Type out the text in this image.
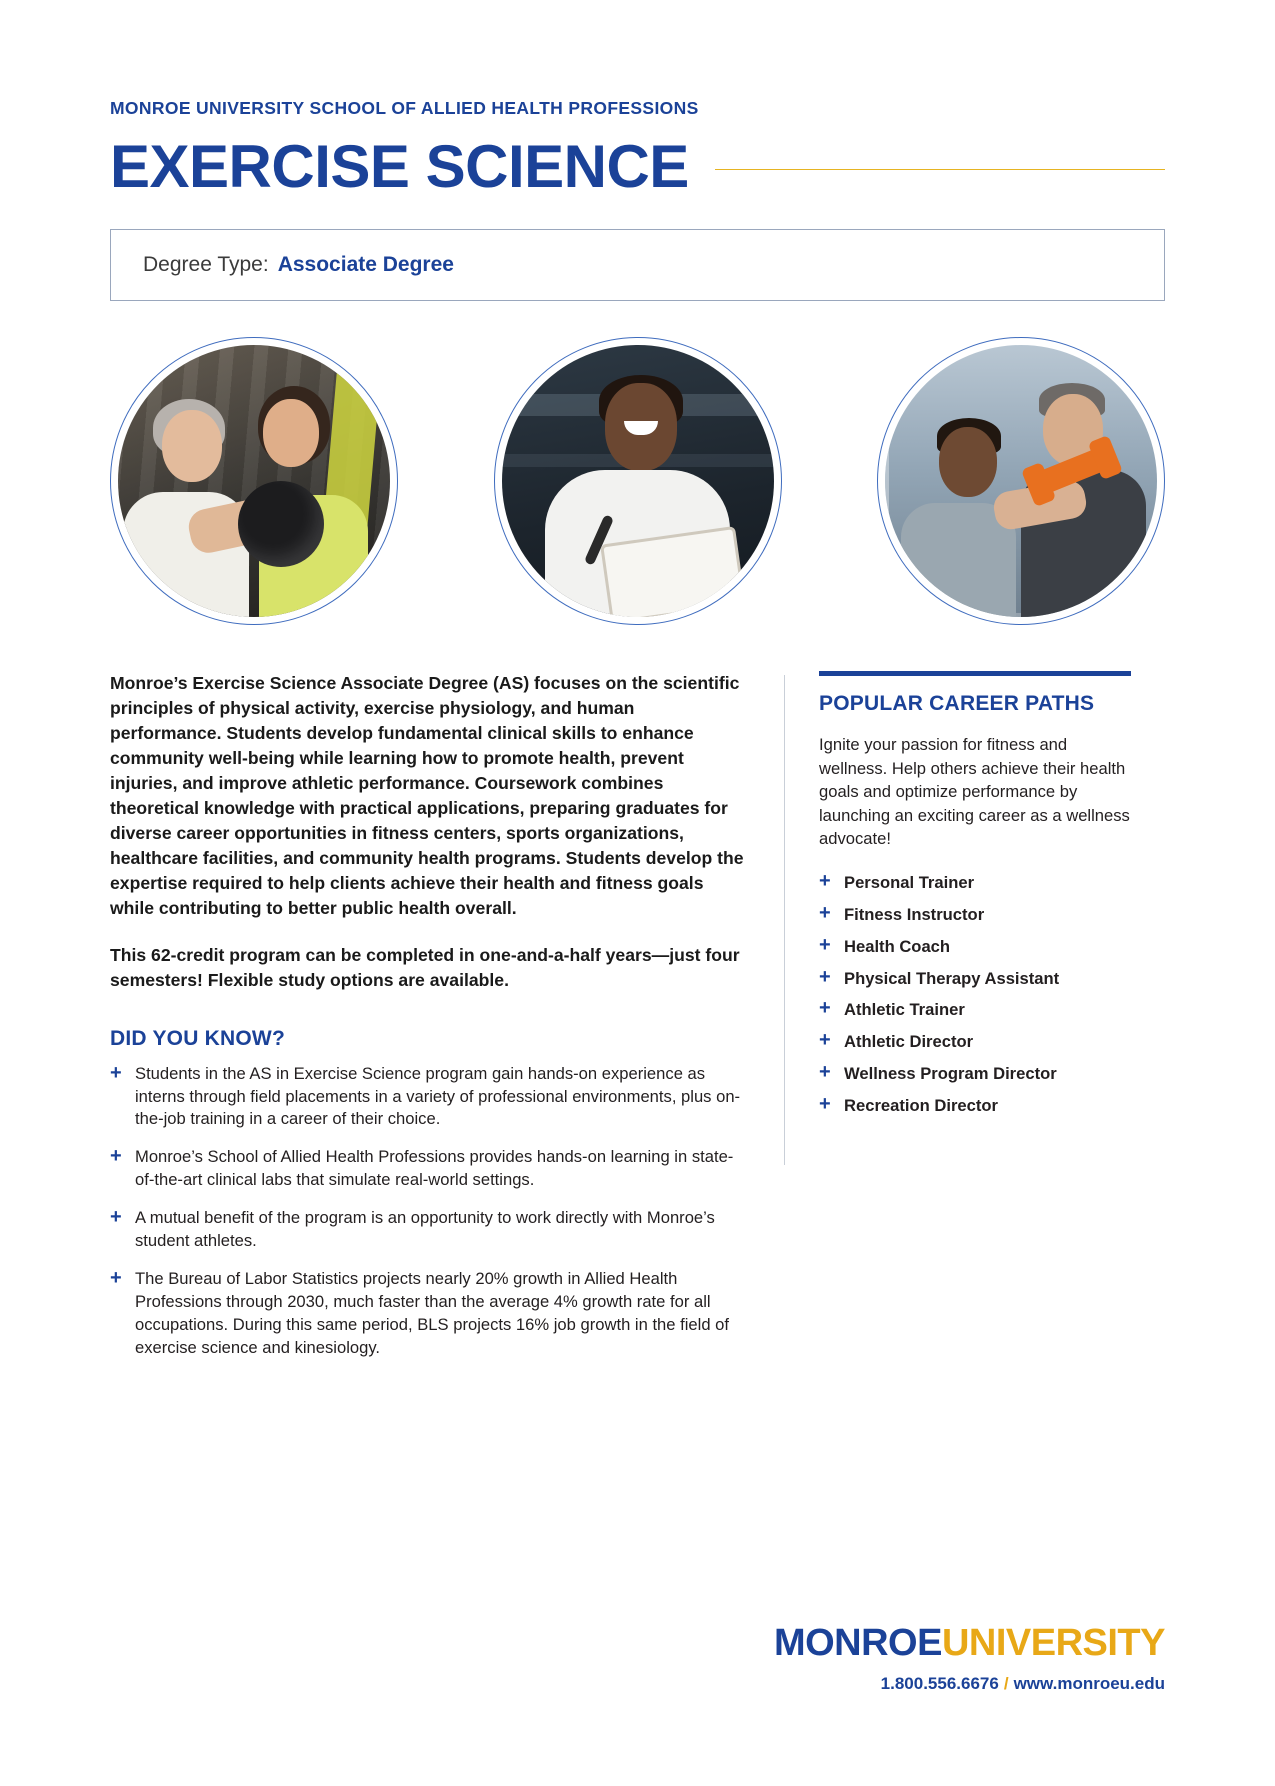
MONROE UNIVERSITY SCHOOL OF ALLIED HEALTH PROFESSIONS
EXERCISE SCIENCE
Degree Type: Associate Degree

Monroe’s Exercise Science Associate Degree (AS) focuses on the scientific principles of physical activity, exercise physiology, and human performance. Students develop fundamental clinical skills to enhance community well-being while learning how to promote health, prevent injuries, and improve athletic performance. Coursework combines theoretical knowledge with practical applications, preparing graduates for diverse career opportunities in fitness centers, sports organizations, healthcare facilities, and community health programs. Students develop the expertise required to help clients achieve their health and fitness goals while contributing to better public health overall.

This 62-credit program can be completed in one-and-a-half years—just four semesters! Flexible study options are available.

DID YOU KNOW?
+ Students in the AS in Exercise Science program gain hands-on experience as interns through field placements in a variety of professional environments, plus on-the-job training in a career of their choice.
+ Monroe’s School of Allied Health Professions provides hands-on learning in state-of-the-art clinical labs that simulate real-world settings.
+ A mutual benefit of the program is an opportunity to work directly with Monroe’s student athletes.
+ The Bureau of Labor Statistics projects nearly 20% growth in Allied Health Professions through 2030, much faster than the average 4% growth rate for all occupations. During this same period, BLS projects 16% job growth in the field of exercise science and kinesiology.
POPULAR CAREER PATHS
Ignite your passion for fitness and wellness. Help others achieve their health goals and optimize performance by launching an exciting career as a wellness advocate!
+ Personal Trainer
+ Fitness Instructor
+ Health Coach
+ Physical Therapy Assistant
+ Athletic Trainer
+ Athletic Director
+ Wellness Program Director
+ Recreation Director
MONROEUNIVERSITY
1.800.556.6676 / www.monroeu.edu
